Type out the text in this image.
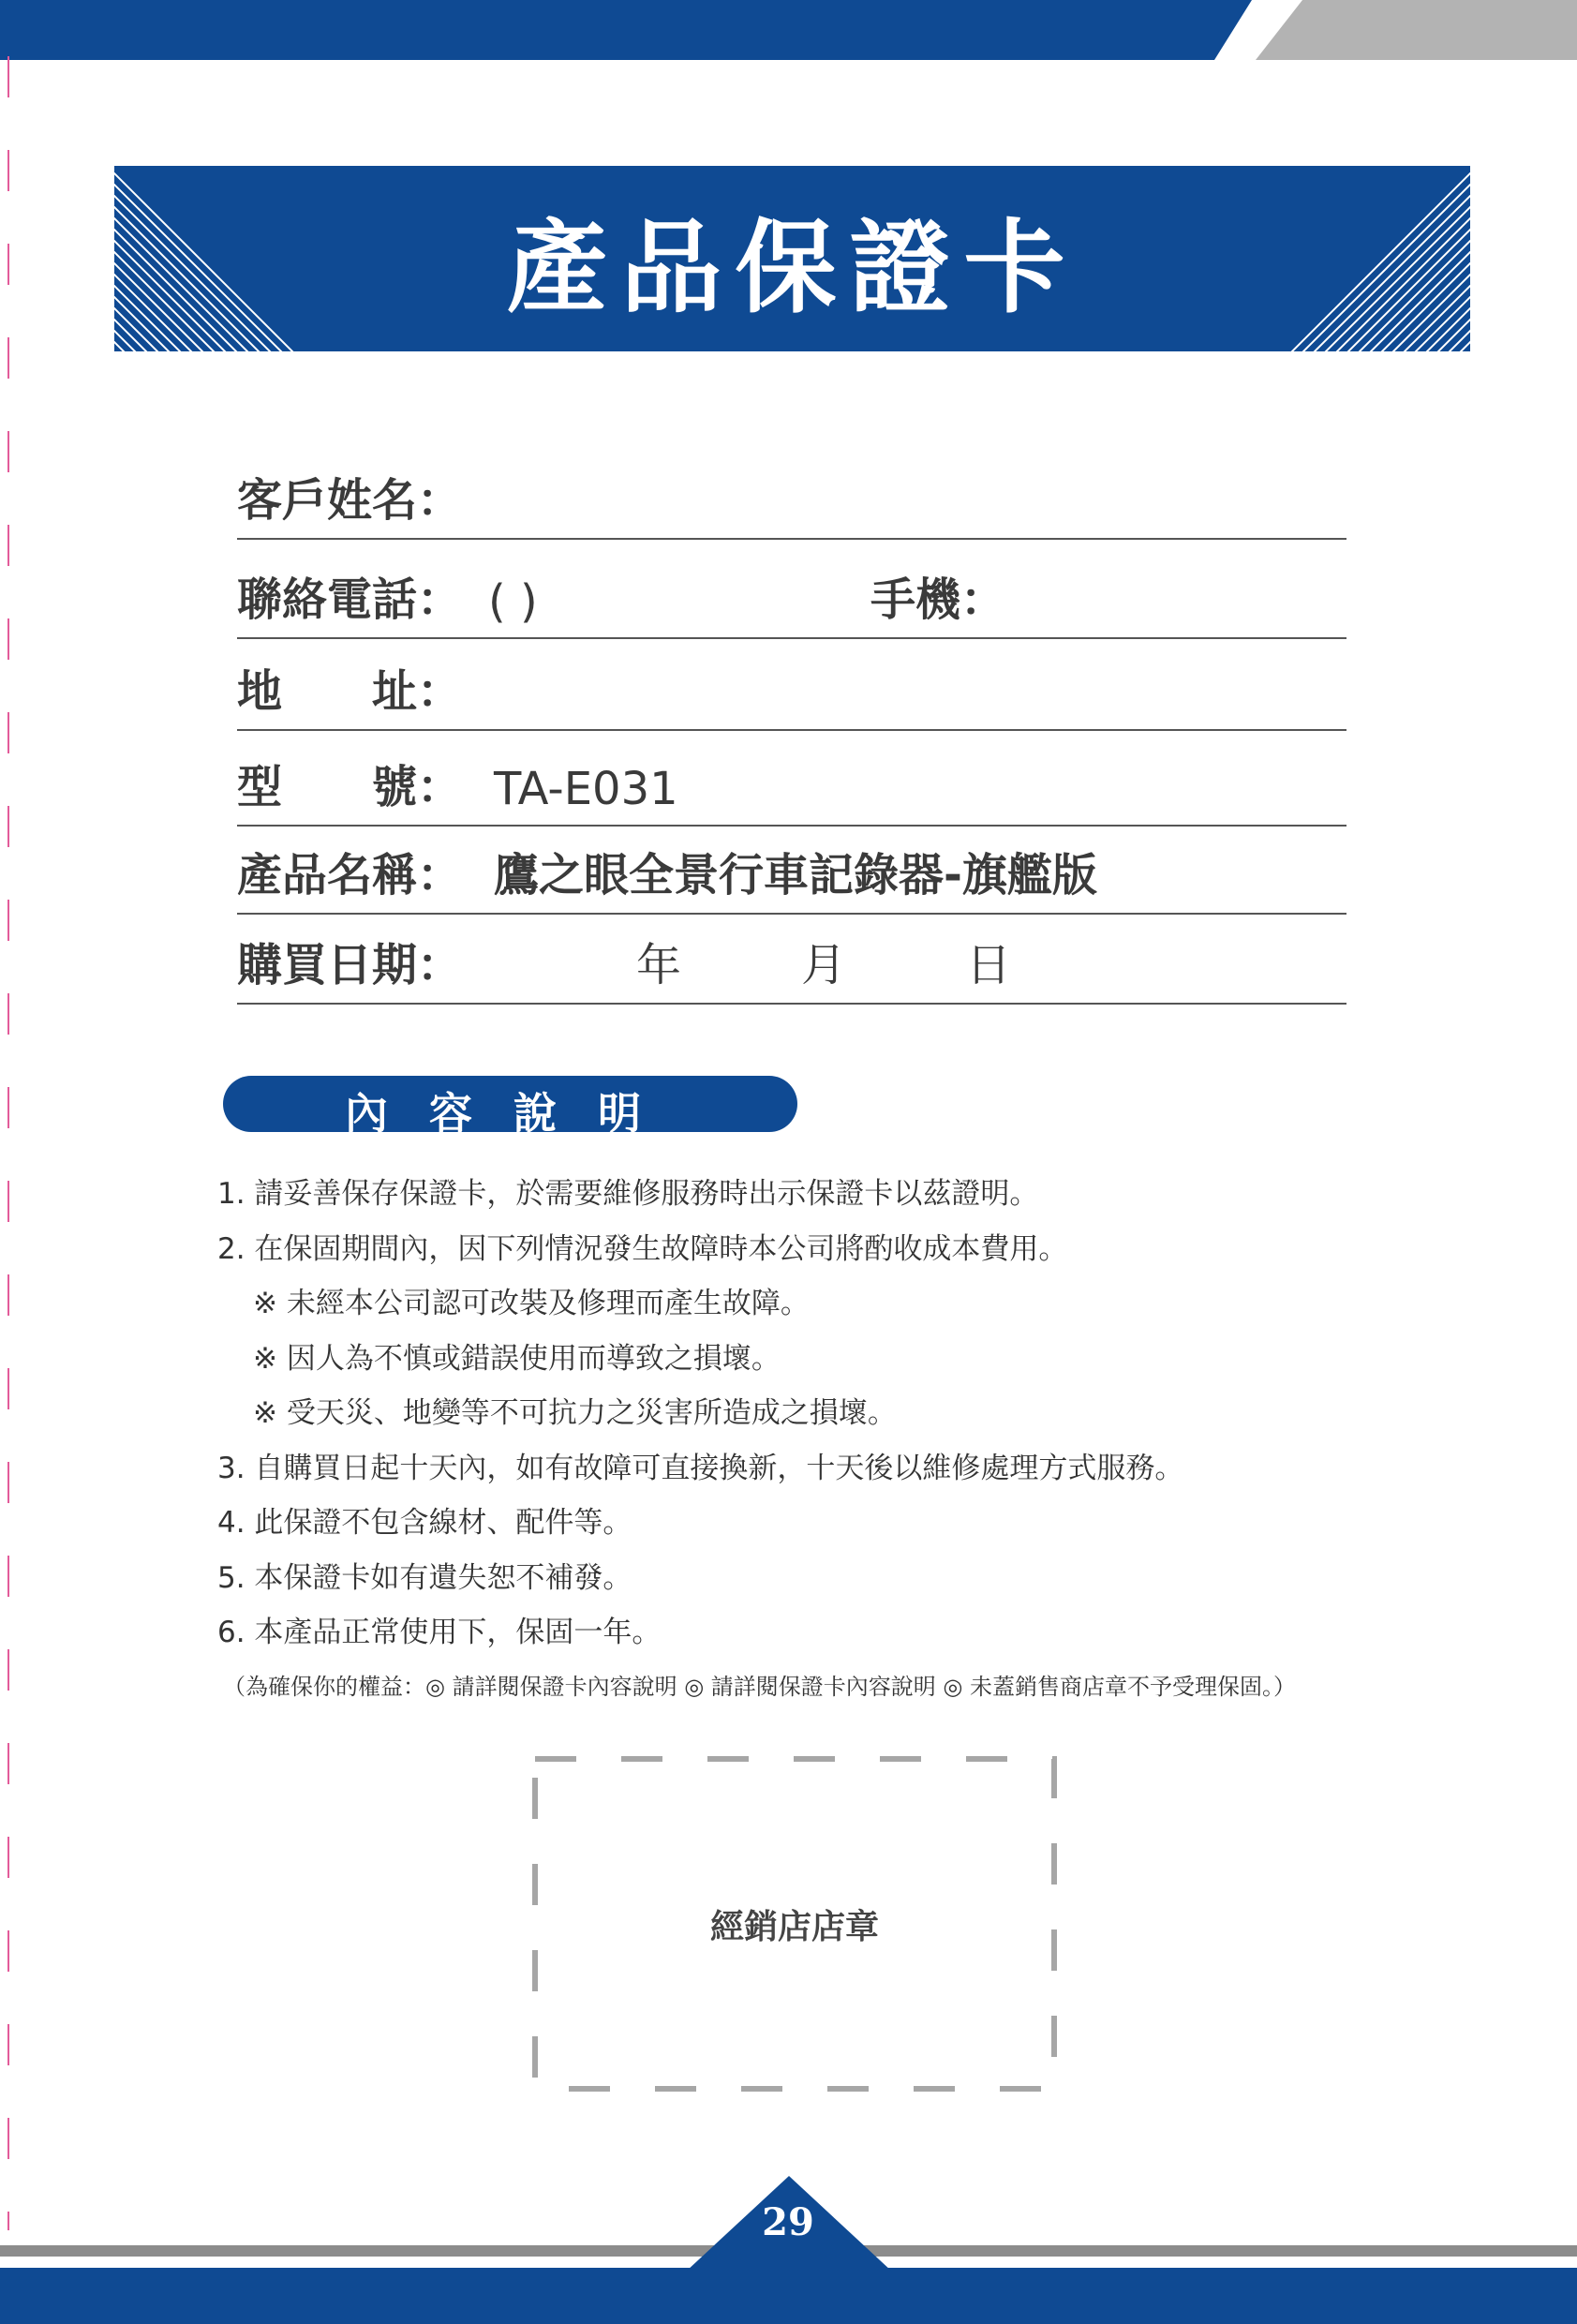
產品保證卡
客戶姓名：
聯絡電話： ( )	手機：
地　　址：
型　　號： TA-E031
產品名稱： 鷹之眼全景行車記錄器-旗艦版
購買日期：	年	月	日
內容說明
1. 請妥善保存保證卡，於需要維修服務時出示保證卡以茲證明。
2. 在保固期間內，因下列情況發生故障時本公司將酌收成本費用。
※ 未經本公司認可改裝及修理而產生故障。
※ 因人為不慎或錯誤使用而導致之損壞。
※ 受天災、地變等不可抗力之災害所造成之損壞。
3. 自購買日起十天內，如有故障可直接換新，十天後以維修處理方式服務。
4. 此保證不包含線材、配件等。
5. 本保證卡如有遺失恕不補發。
6. 本產品正常使用下，保固一年。
（為確保你的權益：◎ 請詳閱保證卡內容說明 ◎ 請詳閱保證卡內容說明 ◎ 未蓋銷售商店章不予受理保固。）
經銷店店章
29
